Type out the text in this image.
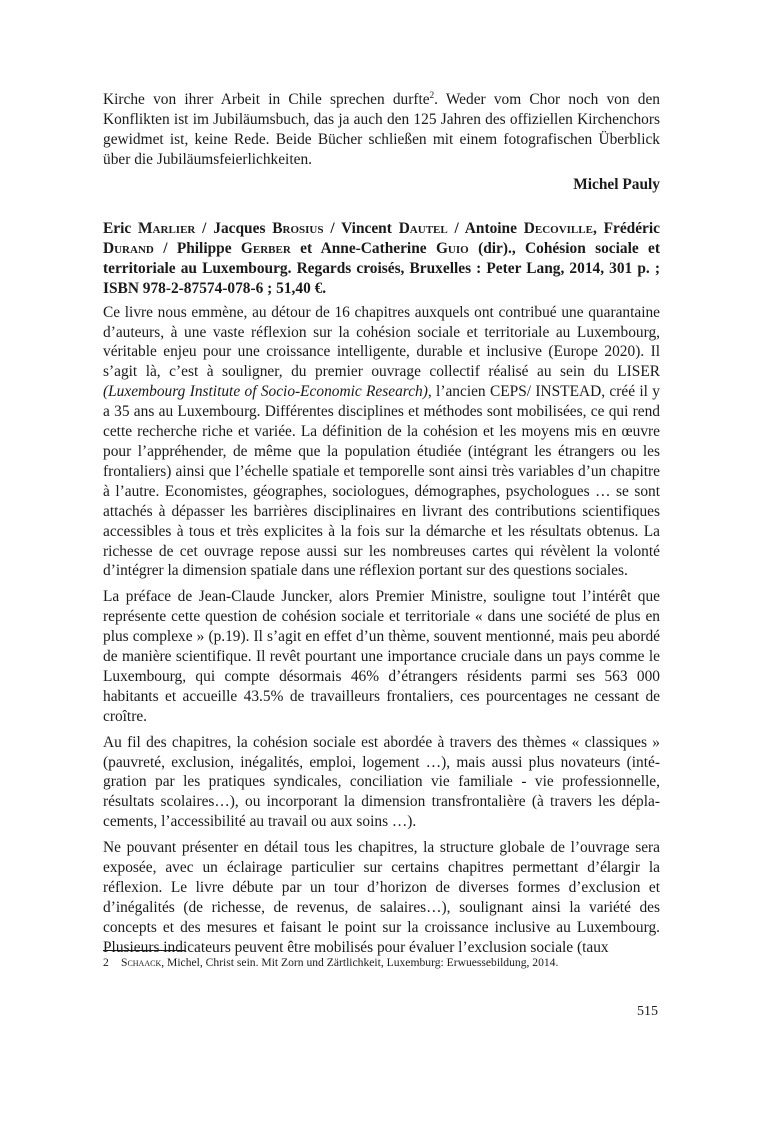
Kirche von ihrer Arbeit in Chile sprechen durfte$^2$. Weder vom Chor noch von den Konflikten ist im Jubiläumsbuch, das ja auch den 125 Jahren des offiziellen Kirchenchors gewidmet ist, keine Rede. Beide Bücher schließen mit einem fotografischen Überblick über die Jubiläumsfeierlichkeiten.

Michel Pauly
Eric Marlier / Jacques Brosius / Vincent Dautel / Antoine Decoville, Frédéric Durand / Philippe Gerber et Anne-Catherine Guio (dir)., Cohésion sociale et territoriale au Luxembourg. Regards croisés, Bruxelles : Peter Lang, 2014, 301 p. ; ISBN 978-2-87574-078-6 ; 51,40 €.

Ce livre nous emmène, au détour de 16 chapitres auxquels ont contribué une quarantaine d’auteurs, à une vaste réflexion sur la cohésion sociale et territoriale au Luxembourg, véritable enjeu pour une croissance intelligente, durable et inclusive (Europe 2020). Il s’agit là, c’est à souligner, du premier ouvrage collectif réalisé au sein du LISER (Luxembourg Institute of Socio-Economic Research), l’ancien CEPS/ INSTEAD, créé il y a 35 ans au Luxembourg. Différentes disciplines et méthodes sont mobilisées, ce qui rend cette recherche riche et variée. La définition de la cohésion et les moyens mis en œuvre pour l’appréhender, de même que la population étudiée (intégrant les étrangers ou les frontaliers) ainsi que l’échelle spatiale et temporelle sont ainsi très variables d’un chapitre à l’autre. Economistes, géographes, sociologues, démographes, psychologues … se sont attachés à dépasser les barrières disciplinaires en livrant des contributions scientifiques accessibles à tous et très explicites à la fois sur la démarche et les résultats obtenus. La richesse de cet ouvrage repose aussi sur les nombreuses cartes qui révèlent la volonté d’intégrer la dimension spatiale dans une réflexion portant sur des questions sociales.

La préface de Jean-Claude Juncker, alors Premier Ministre, souligne tout l’intérêt que représente cette question de cohésion sociale et territoriale « dans une société de plus en plus complexe » (p.19). Il s’agit en effet d’un thème, souvent mentionné, mais peu abordé de manière scientifique. Il revêt pourtant une importance cruciale dans un pays comme le Luxembourg, qui compte désormais 46% d’étrangers résidents parmi ses 563 000 habitants et accueille 43.5% de travailleurs frontaliers, ces pourcentages ne cessant de croître.

Au fil des chapitres, la cohésion sociale est abordée à travers des thèmes « classiques » (pauvreté, exclusion, inégalités, emploi, logement …), mais aussi plus novateurs (intégration par les pratiques syndicales, conciliation vie familiale - vie professionnelle, résultats scolaires…), ou incorporant la dimension transfrontalière (à travers les déplacements, l’accessibilité au travail ou aux soins …).

Ne pouvant présenter en détail tous les chapitres, la structure globale de l’ouvrage sera exposée, avec un éclairage particulier sur certains chapitres permettant d’élargir la réflexion. Le livre débute par un tour d’horizon de diverses formes d’exclusion et d’inégalités (de richesse, de revenus, de salaires…), soulignant ainsi la variété des concepts et des mesures et faisant le point sur la croissance inclusive au Luxembourg. Plusieurs indicateurs peuvent être mobilisés pour évaluer l’exclusion sociale (taux

2 Schaack, Michel, Christ sein. Mit Zorn und Zärtlichkeit, Luxemburg: Erwuessebildung, 2014.
515
